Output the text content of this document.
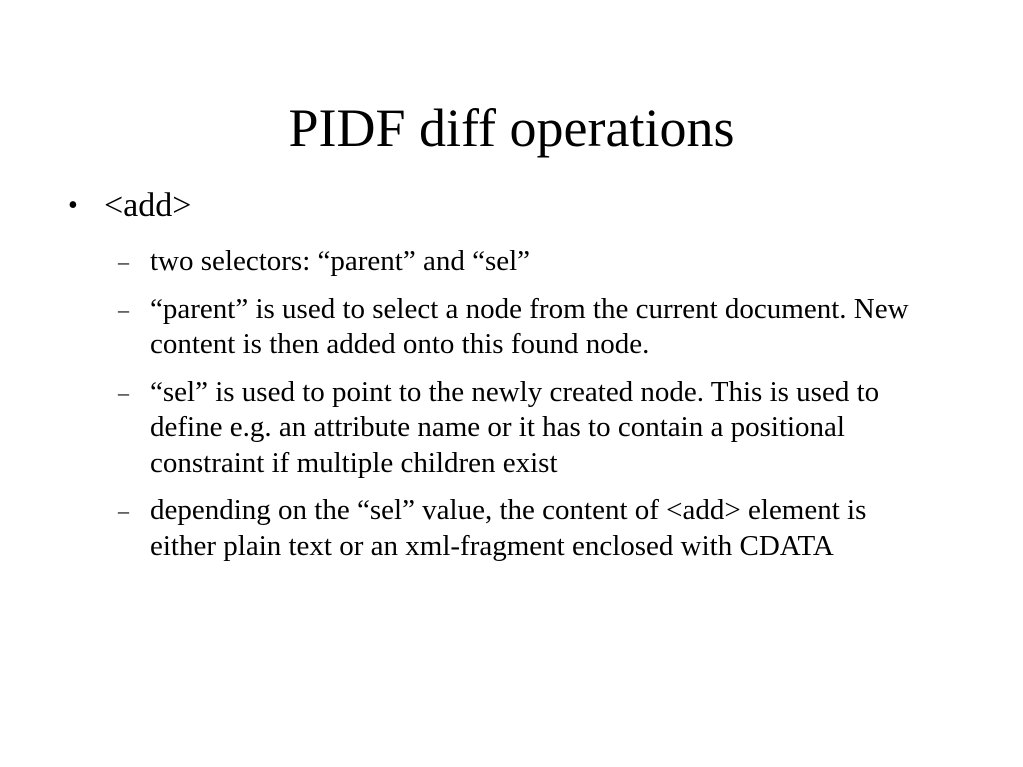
PIDF diff operations
• <add>
– two selectors: “parent” and “sel”
– “parent” is used to select a node from the current document. New content is then added onto this found node.
– “sel” is used to point to the newly created node. This is used to define e.g. an attribute name or it has to contain a positional constraint if multiple children exist
– depending on the “sel” value, the content of <add> element is either plain text or an xml-fragment enclosed with CDATA
